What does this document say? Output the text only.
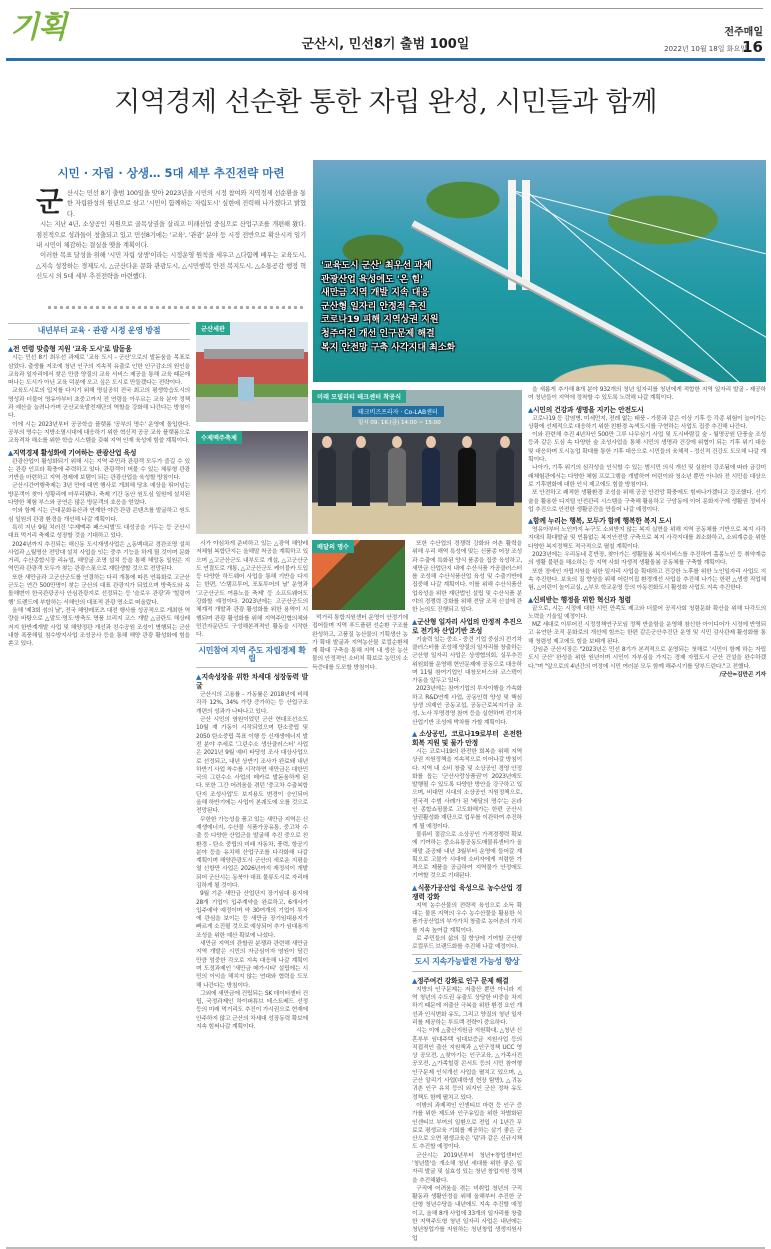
기획	군산시, 민선8기 출범 100일
전주매일
2022년 10월 18일 화요일
16
지역경제 선순환 통한 자립 완성, 시민들과 함께
시민 · 자립 · 상생… 5대 세부 추진전략 마련
군 산시는 민선 8기 출범 100일을 맞아 2023년을 시민의 시정 참여와 지역경제 선순환을 통한 자립완성의 원년으로 삼고 '시민이 함께하는 자립도시' 실현에 진력해 나가겠다고 밝혔다.

시는 지난 4년, 소상공인 지원으로 골목상권을 살리고 미래산업 중심으로 산업구조를 개편해 왔다. 점진적으로 성과들이 창출되고 있고 민선8기에는 '교육', '관광' 분야 등 시정 전반으로 확산시켜 임기 내 시민이 체감하는 결실을 맺을 계획이다.

이러한 목표 달성을 위해 '시민 자립 상생'이라는 시정운영 원칙을 세우고 △다함께 배우는 교육도시, △지속 성장하는 경제도시, △군산다운 문화 관광도시, △시민행복 안전 복지도시, △소통공감 행정 혁신도시 의 5대 세부 추진전략을 마련했다.

'교육도시 군산' 최우선 과제
관광산업 육성에도 '온 힘'
새만금 지역 개발 지속 대응
군산형 일자리 안정적 추진
코로나19 피해 지역상권 지원
청주여건 개선 인구문제 해결
복지 안전망 구축 사각지대 최소화
군산세관
수제맥주축제
미래 모빌리티 테크센터 착공식
테크비즈프라자 · Co-LAB센터
일시 09. 16.(금) 14:00 ~ 15:00
배달의 명수
내년부터 교육 · 관광 시정 운영 방점
▲전 연령 맞춤형 지원 '교육 도시'로 발돋움

시는 민선 8기 최우선 과제로 '교육 도시 - 군산'으로의 발돋움을 목표로 삼았다. 출생률 저조에 청년 인구의 지속적 유출로 인한 인구감소의 원인을 교육과 일자리에서 찾은 만큼 양질의 교육 서비스 제공을 통해 교육 때문에 떠나는 도시가 아닌 교육 덕분에 오고 싶은 도시로 만들겠다는 전략이다.

교육도시로의 입지를 다지기 위해 명실공히 전국 최고의 평생학습도시의 명성과 더불어 영유아부터 초중고까지 전 연령을 아우르는 교육 분야 정책과 예산을 늘려나가며 군산교육발전재단의 역할을 강화해 나간다는 방침이다.

이에 시는 2023년부터 공공학습 플랫폼 '공부의 명수' 운영에 돌입한다. 공부의 명수는 지방소멸시대에 대응하기 위한 혁신적 공공 교육 플랫폼으로 교육격차 해소를 위한 학습 시스템을 갖춰 지역 인재 육성에 힘쓸 계획이다.

▲지역경제 활성화에 기여하는 관광산업 육성

관광산업이 활성화되기 위해 시는 지역 주민과 관광객 모두가 즐길 수 있는 관광 인프라 확충에 주력하고 있다. 관광객이 머물 수 있는 체류형 관광 기반을 마련하고 지역 경제에 보탬이 되는 관광산업을 육성할 방침이다.

군산시간여행축제는 3년 만에 대면 행사로 개최해 당초 예상을 뛰어넘는 방문객이 찾아 성황리에 마무리됐다. 축제 기간 동안 원도심 일원에 설치된 다양한 체험 부스와 공연은 많은 방문객의 호응을 얻었다.

이와 함께 시는 근대문화유산과 연계한 야간 관광 콘텐츠를 발굴하고 원도심 일원의 관광 환경을 개선해 나갈 계획이다.

특히 지난 9월 치러진 '수제맥주 페스티벌'도 대성공을 거두는 등 군산시 대표 먹거리 축제로 성장할 것을 기대하고 있다.

2024년까지 추진되는 해신동 도시재생사업은 △동백대교 경관조명 설치 사업과 △월명산 전망대 설치 사업을 잇는 중추 기능을 하게 될 것이며 문화거리, 수산종합시장 리뉴얼, 해망굴 조명 설치 등을 통해 해망동 일원은 지역민과 관광객 모두가 찾는 관광스폿으로 재탄생할 것으로 전망된다.

또한 새만금과 고군산군도를 연결하는 다리 개통에 따른 연륙화로 고군산군도는 연간 500만명이 찾는 군산의 대표 관광지가 되었으며 방축도와 옥돌해변이 한국관광공사 안심관광지로 선정되는 등 '슬로우 관광'과 '힐링여행' 트렌드에 부합하는 서해안의 대표적 관광 명소로 떠올랐다.

올해 '제3회 섬의 날', 전국 해양레포츠 대전 행사를 성공적으로 개최한 역량을 바탕으로 △말도·명도·방축도 명품 브리지 코스 개발 △금란도 해상레저지 한반계개발 사업 및 해양정관 개선과 친수공원 조성이 병행되는 군산 내항 폭풍해일 침수방지사업 조성공사 등을 통해 해양 관광 활성화에 힘을 쏟고 있다.

시가 야심차게 준비하고 있는 △광역 해양레저체험 복합단지는 올해말 착공을 계획하고 있으며 △고군산군도 내부도로 개설, △고군산군도 연결도로 개통, △고군산군도 케이블카 도입 등 다양한 하드웨어 사업을 통해 기반을 다지는 한편, '스탬프투어, 포토투어의 날' 운영과 '고군산군도 여름노을 축제' 등 소프트웨어도 강화할 예정이다. 2023년에는 고군산군도의 체계적 개발과 관광 활성화를 위한 용역이 시행되며 관광 활성화를 위해 지역주민협의체와 민간자문단도 구성해본격적인 활동을 시작한다.

시민참여 지역 주도 자립경제 확립
▲지속성장을 위한 차세대 성장동력 발굴

군산시의 고용률 - 가동률은 2018년에 비해 각각 12%, 34% 가량 증가하는 등 산업구조 개편의 성과가 나타나고 있다.

군산 시민의 염원이었던 군산 현대조선소도 10월 재 가동이 시작되었으며 탄소중립 및 2050 탄소중립 목표 이행 등 신재생에너지 발전 분야 추세로 '그린수소 생산클러스터' 사업은 2021년 9월 예비 타당성 조사 대상사업으로 선정되고, 내년 상반기 조사가 완료돼 내년 하반기 사업 착수를 시작하면 새만금은 대한민국의 그린수소 사업의 메카로 발돋움하게 된다. 또한 그간 어려움을 겪던 '중고차 수출복합단지 조성사업'도 보지용도 변경이 승인되어 올해 하반기에는 사업이 본궤도에 오를 것으로 전망된다.

무한한 가능성을 품고 있는 새만금 지역은 신재생에너지, 수산물 식품가공유통, 중고차 수출 등 다양한 산업군을 발굴해 추진 중으로 친환경 - 탄소 중립의 미래 자동차, 풍력, 항공기 분야 등을 유치해 산업구조를 다각화해 나갈 계획이며 해양관광도시 군산의 새로운 지평을 열 신항만 사업은 2026년까지 재정석이 개발되어 군산시는 동북아 대표 물류도시로 자리매김하게 될 것이다.

9월 기준 새만금 산업단지 장기임대 용지에 28개 기업이 입주계약을 완료하고, 6개사가 입주예약 예정이며 약 30여개의 기업이 투자에 관심을 보이는 등 새만금 장기임대용지가 빠르게 소진될 것으로 예상되어 추가 임대용지 조성을 위한 예산 확보에 나섰다.

새만금 지역의 관할권 분쟁과 관련해 새만금 지역 개발은 시민의 자긍심이자 염원이 담긴 만큼 엄중한 각오로 지속 대응해 나갈 계획이며 도정과제인 '새만금 메가시티' 설립에는 시민의 이익을 해치지 않는 연대와 협력을 도모해 나간다는 방침이다.

그외에 새만금에 건립되는 SK 데이터센터 건립, 국정과제인 하이퍼튜브 테스트베드 선정 등의 미래 먹거리도 추진이 가시권으로 현재에 안주하지 않고 군산의 차세대 성장동력 확보에 지속 힘써나갈 계획이다.

먹거리 통합지원센터 운영이 안정기에 접어들며 지역 푸드플랜 선순환 구조를 완성하고, 고품질 농산물의 기획생산 농가 확대 발굴과 지역농산물 로컬순환체계 확대 구축을 통해 지역 내 생산 농산물의 안정적인 소비처 확보로 농민의 소득증대를 도모할 방침이다.

또한 수산업의 경쟁력 강화와 어촌 활력을 위해 우리 해역 특성에 맞는 신품종 어장 조성과 수출에 특화된 양식 품종을 집중 육성하고, 새만금 산업단지 내에 수산식품 가공클러스터를 조성해 수산식품산업 육성 및 수출기반에 집중해 나갈 계획이다. 이를 위해 수산식품산업육성을 위한 재단법인 설립 및 수산식품 분야의 경쟁력 강화를 위해 전담 조직 신설에 관한 논의도 진행되고 있다.

▲군산형 일자리 사업의 안정적 추진으로 전기차 산업기반 조성

기술력 있는 중소 - 중견 기업 중심의 전기차 클러스터를 조성해 양질의 일자리를 창출하는 군산형 일자리 사업은 상생협의회, 실무추진위원회를 운영해 현안문제에 공동으로 대응하며 11월 참여기업인 대창모터스와 코스텍이 가동을 앞두고 있다.

2023년에는 참여기업의 투자이행을 가속화하고 R&D연계 사업, 공동인력 양성 및 핵심 상생 의제인 공동교섭, 공동근로복지기금 조성, 노사 투명경영 참여 등을 실현하며 전기차 산업기반 조성에 박차를 가할 계획이다.

▲소상공인, 코로나19로부터 온전한 회복 지원 및 물가 안정

시는 코로나19의 완전한 회복을 위해 지역상권 지원정책을 지속적으로 이어나갈 방침이다. 지역 내 소비 창출 및 소상공인 경영 안정화를 돕는 '군산사랑상품권'이 2023년에도 발행될 수 있도록 다양한 방안을 강구하고 있으며, 비대면 시대의 소상공인 지원정책으로, 전국적 수범 사례가 된 '배달의 명수'는 온라인 종합쇼핑몰로 고도화해가는 한편 군산시 상권활성화 재단으로 업무를 이관하여 추진하게 될 예정이다.

물류비 절감으로 소상공인 가격경쟁력 확보에 기여하는 중소유통공동도매물류센터가 올해말 준공돼 내년 3월부터 운영에 들어갈 계획으로 고물가 시대에 소비자에게 저렴한 가격으로 제품을 공급하여 지역물가 안정에도 기여할 것으로 기대된다.

▲식품가공산업 육성으로 농수산업 경쟁력 강화

지역 농수산물의 전략적 육성으로 소득 확대는 물론 지역의 우수 농수산물을 활용한 식품가공산업의 부가가치 창출로 농어촌의 가치를 지속 높여갈 계획이다.

로 주민들의 삶의 질 향상에 기여할 군산형 로컬푸드 브랜드화를 추진해 나갈 예정이다.

도시 지속가능발전 가능성 향상
▲정주여건 강화로 인구 문제 해결

지방의 인구문제는 저출산 뿐만 아니라 지역 청년의 수도권 유출도 상당한 비중을 차지하기 때문에 저출산 극복을 위한 환경 요인 개선과 인식변화 유도, 그리고 양질의 청년 일자리를 제공하는 투트랙 전략이 중요하다.

시는 이에 △출산지원금 지원확대, △청년 신혼부부 임대주택 임대보증금 지원사업 등의 직접적인 출산 지원책과 △인구정책 UCC 영상 공모전, △찾아가는 인구교육, △가족사진 공모전, △가족힐링 콘서트 등의 시민 참여형 인구문제 인식개선 사업을 펼치고 있으며, △군산 알리기 사업(대학생 현장 탐방), △귀농귀촌 인구 유치 등의 외지인 군산 정착 유도 정책도 함께 펼치고 있다.

이밖의 과제적인 인센티브 마련 등 인구 증가를 위한 제도와 인구유입을 위한 차별화된 인센티브 부여의 일환으로 전입 시 1년간 무료로 평생교육 기회를 제공하는 살기 좋은 군산으로 오면 평생교육은 '덤'과 같은 신규시책도 추진할 예정이다.

군산시는 2019년부터 청년+창업센터인 '청년뜰'을 개소해 청년 세대를 위한 좋은 일자리 발굴 및 실효성 있는 청년 창업지원 정책을 추진해왔다.

구직에 어려움을 겪는 미취업 청년의 구직활동과 생활안정을 위해 올해부터 추진한 군산형 청년수당을 내년에도 지속 추진할 예정이고, 올해 8개 사업에 33개의 일자리를 창출한 지역주도형 청년 일자리 사업은 내년에는 청년창업가를 지원하는 청년창업 생생지원사업

을 새롭게 추가해 8개 분야 932개의 청년 일자리를 청년에게 적합한 지역 일자리 발굴 - 제공하여 청년들이 지역에 정착할 수 있도록 노력해 나갈 계획이다.

▲시민의 건강과 생명을 지키는 안전도시

코로나19 등 감염병, 미세먼지, 전례 없는 태풍 - 가뭄과 같은 이상 기후 등 각종 위험이 늘어가는 상황에 선제적으로 대응하기 위한 친환경 녹색도시를 구현하는 사업도 집중 추진해 나간다.

이와 관련해 추진 4년차인 500만 그루 나무심기 사업 및 도시바람길 숲 - 월명공원 단풍숲 조성 등과 같은 도심 속 다양한 숲 조성사업을 통해 시민의 생명과 건강에 위협이 되는 기후 위기 대응 및 대응하며 도시농업 확대를 통한 기후 대응으로 시민들의 육체적 - 정신적 건강도 도모해 나갈 계획이다.

나아가, 기후 위기의 심각성을 인식할 수 있는 범시민 의식 개선 및 실천이 강조됨에 따라 금강미래체험관에서는 다양한 체험 프로그램을 개발하여 어린이와 청소년 뿐만 아니라 전 시민을 대상으로 기후변화에 대한 인식 제고에도 힘쓸 방침이다.

또 안전하고 쾌적한 생활환경 조성을 위해 공공 안전망 확충에도 힘써나가겠다고 강조했다. 신기술을 활용한 디지털 안전관리 시스템을 구축해 활용하고 구암동에 이어 문화지구에 생활권 정비사업 추진으로 안전한 생활공간을 만들어 나갈 예정이다.

▲함께 누리는 행복, 모두가 함께 행복한 복지 도시

영유아부터 노인까지 누구도 소외받지 않는 복지 실현을 위해 지역 공동체를 기반으로 복지 사각지대의 확대발굴 및 빈틈없는 복지안전망 구축으로 복지 사각지대를 최소화하고, 소외계층을 위한 다양한 복지정책도 적극적으로 펼칠 계획이다.

2023년에는 우리동네 홍반장, 찾아가는 생활돌봄 복지서비스를 추진하여 홀몸노인 등 취약계층의 생활 불편을 해소하는 등 지역 사회 자생적 생활돌봄 공동체를 구축할 계획이다.

또한 장애인 자립지원을 위한 일자리 사업을 확대하고 건강한 노후를 위한 노인일자리 사업도 지속 추진한다. 보육의 질 향상을 위해 어린이집 환경개선 사업을 추진해 나가는 한편 △생생 직업체험, △어린이 놀이교실, △부모 학교운영 등의 아동친화도시 활성화 사업도 지속 추진한다.

▲신뢰받는 행정을 위한 혁신과 청렴

끝으로, 시는 시정에 대한 시민 만족도 제고와 더불어 공직사회 청렴문화 확산을 위해 다각도의 노력을 기울일 예정이다.

MZ 세대로 이루어진 시정정책연구모임 정책 반을함을 운영해 참신한 아이디어가 시정에 반영되고 유연한 조직 문화로의 개선에 힘쓰는 한편 같은군산추진단 운영 및 시민 감사관제 활성화를 통해 청렴성 제고에도 힘을 보태게 된다.

강임준 군산시장은 "2023년은 민선 8기가 본격적으로 운영되는 첫해로 '시민이 함께 하는 자립도시 군산' 완성을 위한 원년이며 시민이 자부심을 가지는 경제 자립도시 군산 건설을 완수하겠다."며 "앞으로의 4년간의 여정에 시민 여러분 모두 함께 해주시기를 당부드린다."고 전했다.

/군산=김만곤 기자
